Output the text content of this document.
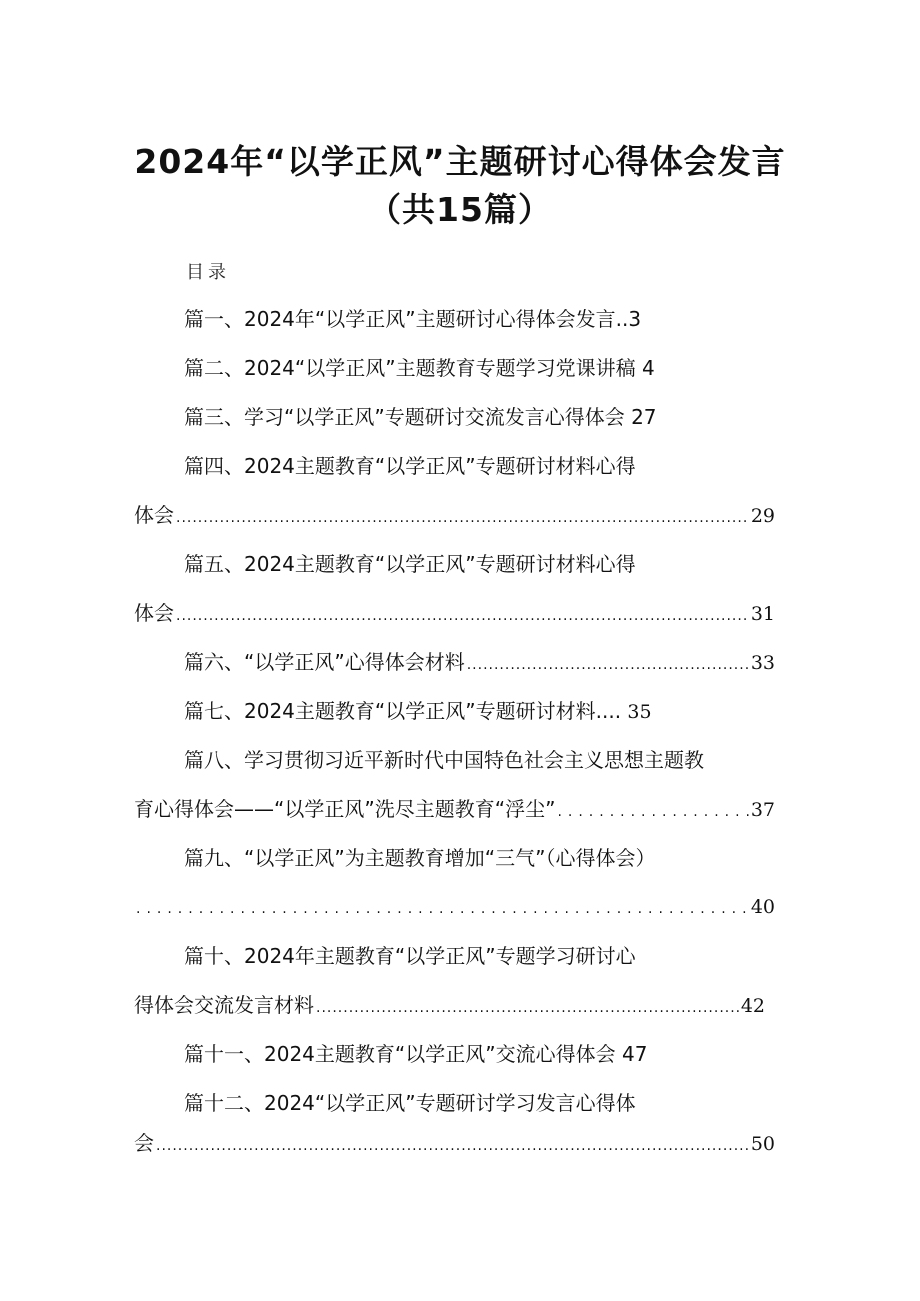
2024年“以学正风”主题研讨心得体会发言
（共15篇）
目录
篇一、2024年“以学正风”主题研讨心得体会发言..3
篇二、2024“以学正风”主题教育专题学习党课讲稿 4
篇三、学习“以学正风”专题研讨交流发言心得体会 27
篇四、2024主题教育“以学正风”专题研讨材料心得
体会 .....	29
篇五、2024主题教育“以学正风”专题研讨材料心得
体会 .....	31
篇六、“以学正风”心得体会材料 .....	33
篇七、2024主题教育“以学正风”专题研讨材料.... 35
篇八、学习贯彻习近平新时代中国特色社会主义思想主题教
育心得体会——“以学正风”洗尽主题教育“浮尘” .....	37
篇九、“以学正风”为主题教育增加“三气”（心得体会）
.....
40
篇十、2024年主题教育“以学正风”专题学习研讨心
得体会交流发言材料 .....	42
篇十一、2024主题教育“以学正风”交流心得体会 47
篇十二、2024“以学正风”专题研讨学习发言心得体
会 .....	50
